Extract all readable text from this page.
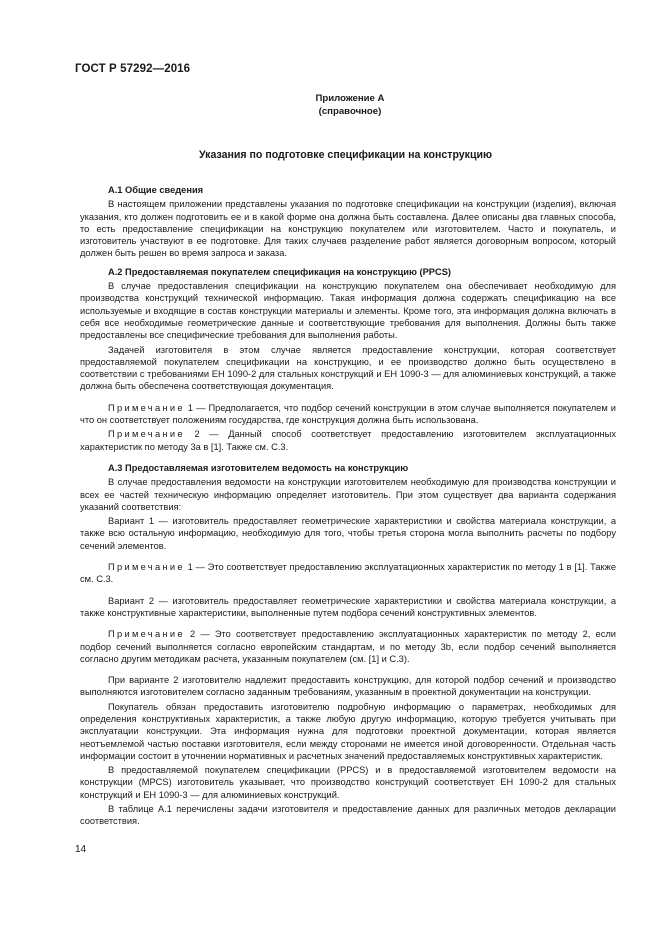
ГОСТ Р 57292—2016
Приложение А
(справочное)
Указания по подготовке спецификации на конструкцию
А.1 Общие сведения
В настоящем приложении представлены указания по подготовке спецификации на конструкции (изделия), включая указания, кто должен подготовить ее и в какой форме она должна быть составлена. Далее описаны два главных способа, то есть предоставление спецификации на конструкцию покупателем или изготовителем. Часто и покупатель, и изготовитель участвуют в ее подготовке. Для таких случаев разделение работ является договорным вопросом, который должен быть решен во время запроса и заказа.
А.2 Предоставляемая покупателем спецификация на конструкцию (PPCS)
В случае предоставления спецификации на конструкцию покупателем она обеспечивает необходимую для производства конструкций технической информацию. Такая информация должна содержать спецификацию на все используемые и входящие в состав конструкции материалы и элементы. Кроме того, эта информация должна включать в себя все необходимые геометрические данные и соответствующие требования для выполнения. Должны быть также предоставлены все специфические требования для выполнения работы.
Задачей изготовителя в этом случае является предоставление конструкции, которая соответствует предоставляемой покупателем спецификации на конструкцию, и ее производство должно быть осуществлено в соответствии с требованиями ЕН 1090-2 для стальных конструкций и ЕН 1090-3 — для алюминиевых конструкций, а также должна быть обеспечена соответствующая документация.
Примечание 1 — Предполагается, что подбор сечений конструкции в этом случае выполняется покупателем и что он соответствует положениям государства, где конструкция должна быть использована.
Примечание 2 — Данный способ соответствует предоставлению изготовителем эксплуатационных характеристик по методу 3а в [1]. Также см. С.3.
А.3 Предоставляемая изготовителем ведомость на конструкцию
В случае предоставления ведомости на конструкции изготовителем необходимую для производства конструкции и всех ее частей техническую информацию определяет изготовитель. При этом существует два варианта содержания указаний соответствия:
Вариант 1 — изготовитель предоставляет геометрические характеристики и свойства материала конструкции, а также всю остальную информацию, необходимую для того, чтобы третья сторона могла выполнить расчеты по подбору сечений элементов.
Примечание 1 — Это соответствует предоставлению эксплуатационных характеристик по методу 1 в [1]. Также см. С.3.
Вариант 2 — изготовитель предоставляет геометрические характеристики и свойства материала конструкции, а также конструктивные характеристики, выполненные путем подбора сечений конструктивных элементов.
Примечание 2 — Это соответствует предоставлению эксплуатационных характеристик по методу 2, если подбор сечений выполняется согласно европейским стандартам, и по методу 3b, если подбор сечений выполняется согласно другим методикам расчета, указанным покупателем (см. [1] и С.3).
При варианте 2 изготовителю надлежит предоставить конструкцию, для которой подбор сечений и производство выполняются изготовителем согласно заданным требованиям, указанным в проектной документации на конструкции.
Покупатель обязан предоставить изготовителю подробную информацию о параметрах, необходимых для определения конструктивных характеристик, а также любую другую информацию, которую требуется учитывать при эксплуатации конструкции. Эта информация нужна для подготовки проектной документации, которая является неотъемлемой частью поставки изготовителя, если между сторонами не имеется иной договоренности. Отдельная часть информации состоит в уточнении нормативных и расчетных значений предоставляемых конструктивных характеристик.
В предоставляемой покупателем спецификации (PPCS) и в предоставляемой изготовителем ведомости на конструкции (MPCS) изготовитель указывает, что производство конструкций соответствует ЕН 1090-2 для стальных конструкций и ЕН 1090-3 — для алюминиевых конструкций.
В таблице А.1 перечислены задачи изготовителя и предоставление данных для различных методов декларации соответствия.
14
